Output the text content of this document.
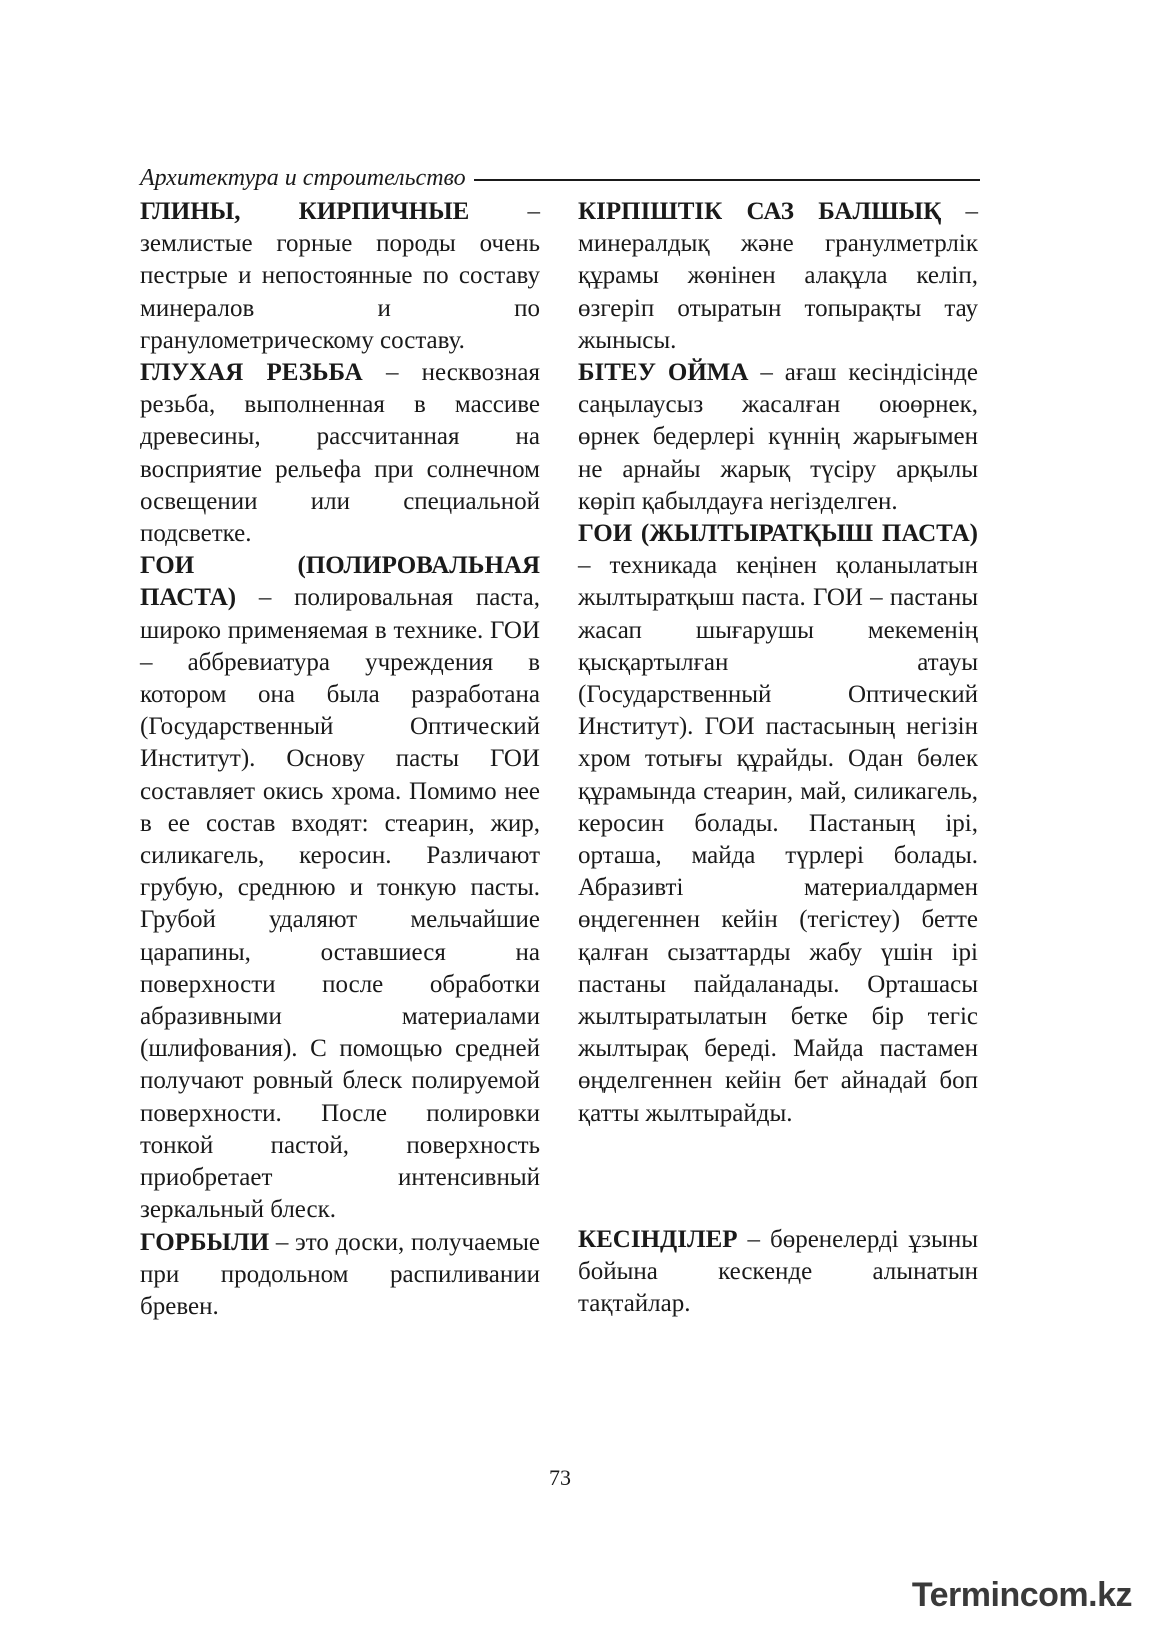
Архитектура и строительство

ГЛИНЫ, КИРПИЧНЫЕ – землистые горные породы очень пестрые и непостоянные по составу минералов и по гранулометрическому составу.

ГЛУХАЯ РЕЗЬБА – несквозная резьба, выполненная в массиве древесины, рассчитанная на восприятие рельефа при солнечном освещении или специальной подсветке.

ГОИ (ПОЛИРОВАЛЬНАЯ ПАСТА) – полировальная паста, широко применяемая в технике. ГОИ – аббревиатура учреждения в котором она была разработана (Государственный Оптический Институт). Основу пасты ГОИ составляет окись хрома. Помимо нее в ее состав входят: стеарин, жир, силикагель, керосин. Различают грубую, среднюю и тонкую пасты. Грубой удаляют мельчайшие царапины, оставшиеся на поверхности после обработки абразивными материалами (шлифования). С помощью средней получают ровный блеск полируемой поверхности. После полировки тонкой пастой, поверхность приобретает интенсивный зеркальный блеск.

ГОРБЫЛИ – это доски, получаемые при продольном распиливании бревен.

КІРПІШТІК САЗ БАЛШЫҚ – минералдық және гранулметрлік құрамы жөнінен алақұла келіп, өзгеріп отыратын топырақты тау жынысы.

БІТЕУ ОЙМА – ағаш кесіндісінде саңылаусыз жасалған оюөрнек, өрнек бедерлері күннің жарығымен не арнайы жарық түсіру арқылы көріп қабылдауға негізделген.

ГОИ (ЖЫЛТЫРАТҚЫШ ПАСТА) – техникада кеңінен қоланылатын жылтыратқыш паста. ГОИ – пастаны жасап шығарушы мекеменің қысқартылған атауы (Государственный Оптический Институт). ГОИ пастасының негізін хром тотығы құрайды. Одан бөлек құрамында стеарин, май, силикагель, керосин болады. Пастаның ірі, орташа, майда түрлері болады. Абразивті материалдармен өңдегеннен кейін (тегістеу) бетте қалған сызаттарды жабу үшін ірі пастаны пайдаланады. Орташасы жылтыратылатын бетке бір тегіс жылтырақ береді. Майда пастамен өңделгеннен кейін бет айнадай боп қатты жылтырайды.

КЕСІНДІЛЕР – бөренелерді ұзыны бойына кескенде алынатын тақтайлар.

73
Termincom.kz
